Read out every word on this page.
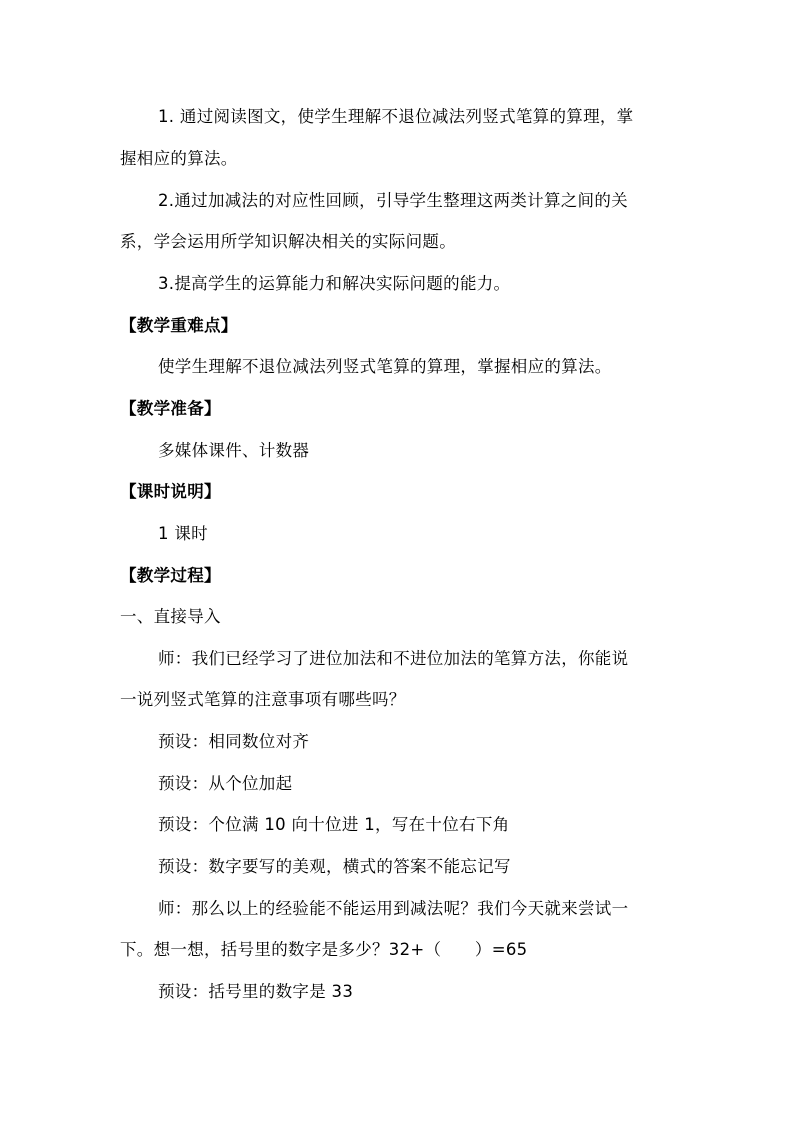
1. 通过阅读图文，使学生理解不退位减法列竖式笔算的算理，掌
握相应的算法。
2.通过加减法的对应性回顾，引导学生整理这两类计算之间的关
系，学会运用所学知识解决相关的实际问题。
3.提高学生的运算能力和解决实际问题的能力。
【教学重难点】
使学生理解不退位减法列竖式笔算的算理，掌握相应的算法。
【教学准备】
多媒体课件、计数器
【课时说明】
1 课时
【教学过程】
一、直接导入
师：我们已经学习了进位加法和不进位加法的笔算方法，你能说
一说列竖式笔算的注意事项有哪些吗？
预设：相同数位对齐
预设：从个位加起
预设：个位满 10 向十位进 1，写在十位右下角
预设：数字要写的美观，横式的答案不能忘记写
师：那么以上的经验能不能运用到减法呢？我们今天就来尝试一
下。想一想，括号里的数字是多少？32+（　　）=65
预设：括号里的数字是 33
